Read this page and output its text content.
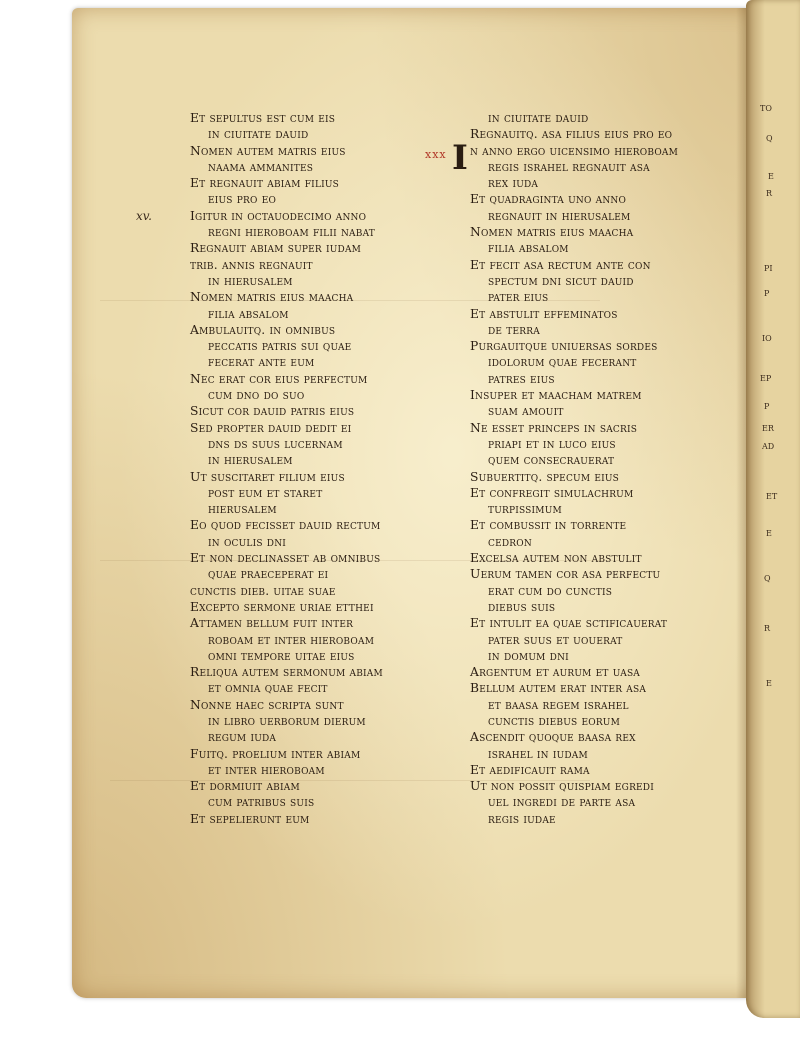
to
q
e
r
pi
p
io
ep
p
er
ad
et
e
q
r
e
xv.
xxx
Et sepultus est cum eis
in ciuitate dauid
Nomen autem matris eius
naama ammanites
Et regnauit abiam filius
eius pro eo
Igitur in octauodecimo anno
regni hieroboam filii nabat
Regnauit abiam super iudam
trib. annis regnauit
in hierusalem
Nomen matris eius maacha
filia absalom
Ambulauitq. in omnibus
peccatis patris sui quae
fecerat ante eum
Nec erat cor eius perfectum
cum dno do suo
Sicut cor dauid patris eius
Sed propter dauid dedit ei
dns ds suus lucernam
in hierusalem
Ut suscitaret filium eius
post eum et staret
hierusalem
Eo quod fecisset dauid rectum
in oculis dni
Et non declinasset ab omnibus
quae praeceperat ei
cunctis dieb. uitae suae
Excepto sermone uriae etthei
Attamen bellum fuit inter
roboam et inter hieroboam
omni tempore uitae eius
Reliqua autem sermonum abiam
et omnia quae fecit
Nonne haec scripta sunt
in libro uerborum dierum
regum iuda
Fuitq. proelium inter abiam
et inter hieroboam
Et dormiuit abiam
cum patribus suis
Et sepelierunt eum
in ciuitate dauid
Regnauitq. asa filius eius pro eo
I n anno ergo uicensimo hieroboam
regis israhel regnauit asa
rex iuda
Et quadraginta uno anno
regnauit in hierusalem
Nomen matris eius maacha
filia absalom
Et fecit asa rectum ante con
spectum dni sicut dauid
pater eius
Et abstulit effeminatos
de terra
Purgauitque uniuersas sordes
idolorum quae fecerant
patres eius
Insuper et maacham matrem
suam amouit
Ne esset princeps in sacris
priapi et in luco eius
quem consecrauerat
Subuertitq. specum eius
Et confregit simulachrum
turpissimum
Et combussit in torrente
cedron
Excelsa autem non abstulit
Uerum tamen cor asa perfectu
erat cum do cunctis
diebus suis
Et intulit ea quae sctificauerat
pater suus et uouerat
in domum dni
Argentum et aurum et uasa
Bellum autem erat inter asa
et baasa regem israhel
cunctis diebus eorum
Ascendit quoque baasa rex
israhel in iudam
Et aedificauit rama
Ut non possit quispiam egredi
uel ingredi de parte asa
regis iudae
